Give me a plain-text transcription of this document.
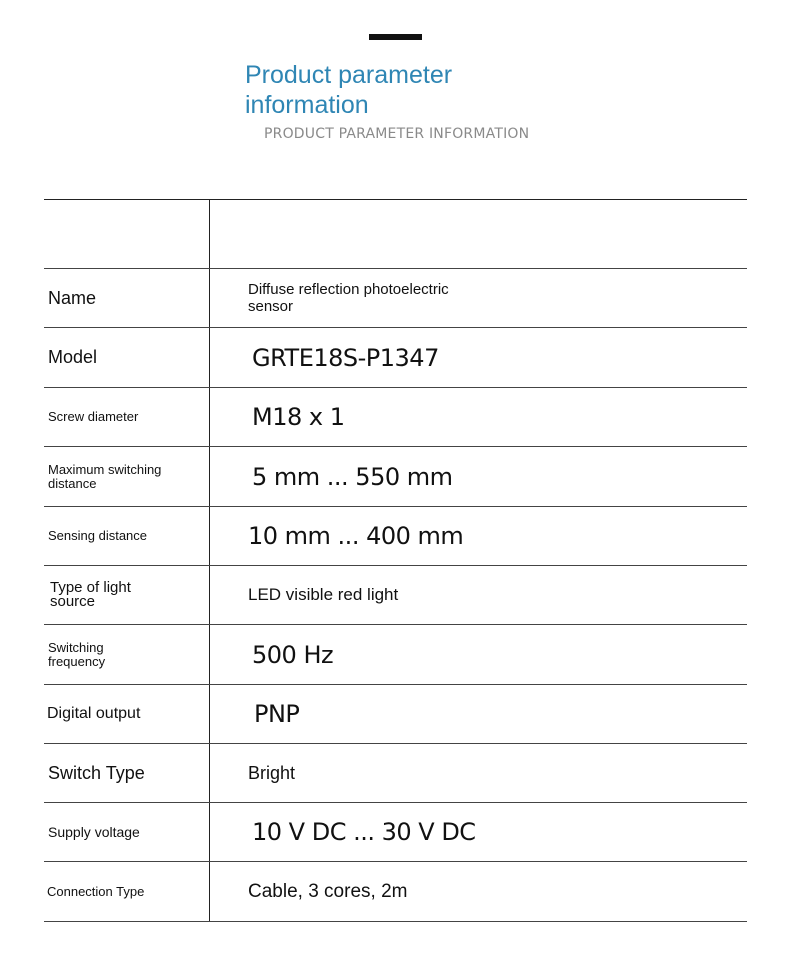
Product parameter information
PRODUCT PARAMETER INFORMATION
Name	Diffuse reflection photoelectric sensor
Model	GRTE18S-P1347
Screw diameter	M18 x 1
Maximum switching distance	5 mm ... 550 mm
Sensing distance	10 mm ... 400 mm
Type of light source	LED visible red light
Switching frequency	500 Hz
Digital output	PNP
Switch Type	Bright
Supply voltage	10 V DC ... 30 V DC
Connection Type	Cable, 3 cores, 2m
